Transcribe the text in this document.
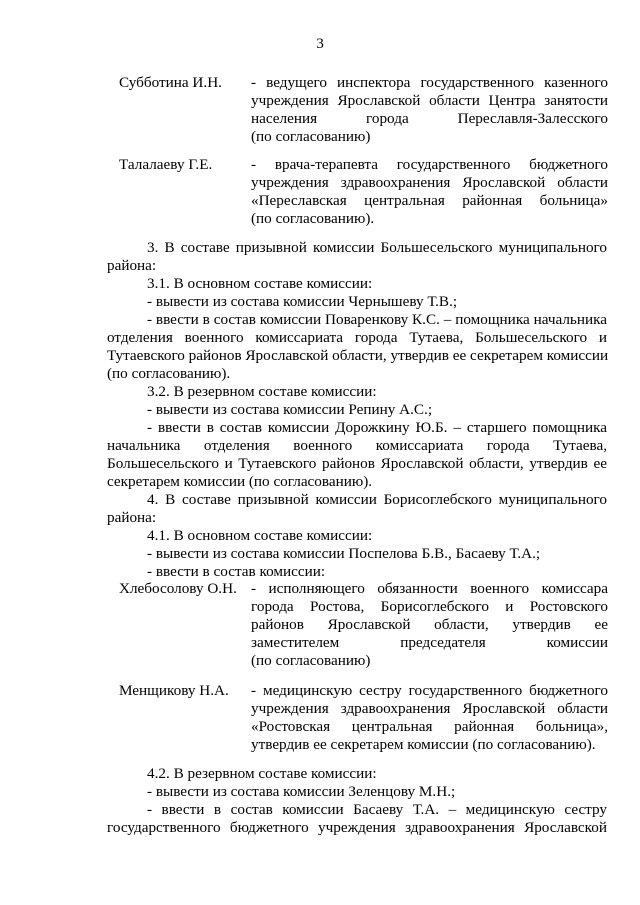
3
Субботина И.Н. - ведущего инспектора государственного казенного
учреждения Ярославской области Центра занятости
населения города Переславля-Залесского
(по согласованию)
Талалаеву Г.Е.	- врача-терапевта государственного бюджетного
учреждения здравоохранения Ярославской области
«Переславская центральная районная больница»
(по согласованию).
3. В составе призывной комиссии Большесельского муниципального
района:
3.1. В основном составе комиссии:
- вывести из состава комиссии Чернышеву Т.В.;
- ввести в состав комиссии Поваренкову К.С. – помощника начальника
отделения военного комиссариата города Тутаева, Большесельского и
Тутаевского районов Ярославской области, утвердив ее секретарем комиссии
(по согласованию).
3.2. В резервном составе комиссии:
- вывести из состава комиссии Репину А.С.;
- ввести в состав комиссии Дорожкину Ю.Б. – старшего помощника
начальника отделения военного комиссариата города Тутаева,
Большесельского и Тутаевского районов Ярославской области, утвердив ее
секретарем комиссии (по согласованию).
4. В составе призывной комиссии Борисоглебского муниципального
района:
4.1. В основном составе комиссии:
- вывести из состава комиссии Поспелова Б.В., Басаеву Т.А.;
- ввести в состав комиссии:
Хлебосолову О.Н. - исполняющего обязанности военного комиссара
города Ростова, Борисоглебского и Ростовского
районов Ярославской области, утвердив ее
заместителем председателя комиссии
(по согласованию)
Менщикову Н.А. - медицинскую сестру государственного бюджетного
учреждения здравоохранения Ярославской области
«Ростовская центральная районная больница»,
утвердив ее секретарем комиссии (по согласованию).
4.2. В резервном составе комиссии:
- вывести из состава комиссии Зеленцову М.Н.;
- ввести в состав комиссии Басаеву Т.А. – медицинскую сестру
государственного бюджетного учреждения здравоохранения Ярославской
